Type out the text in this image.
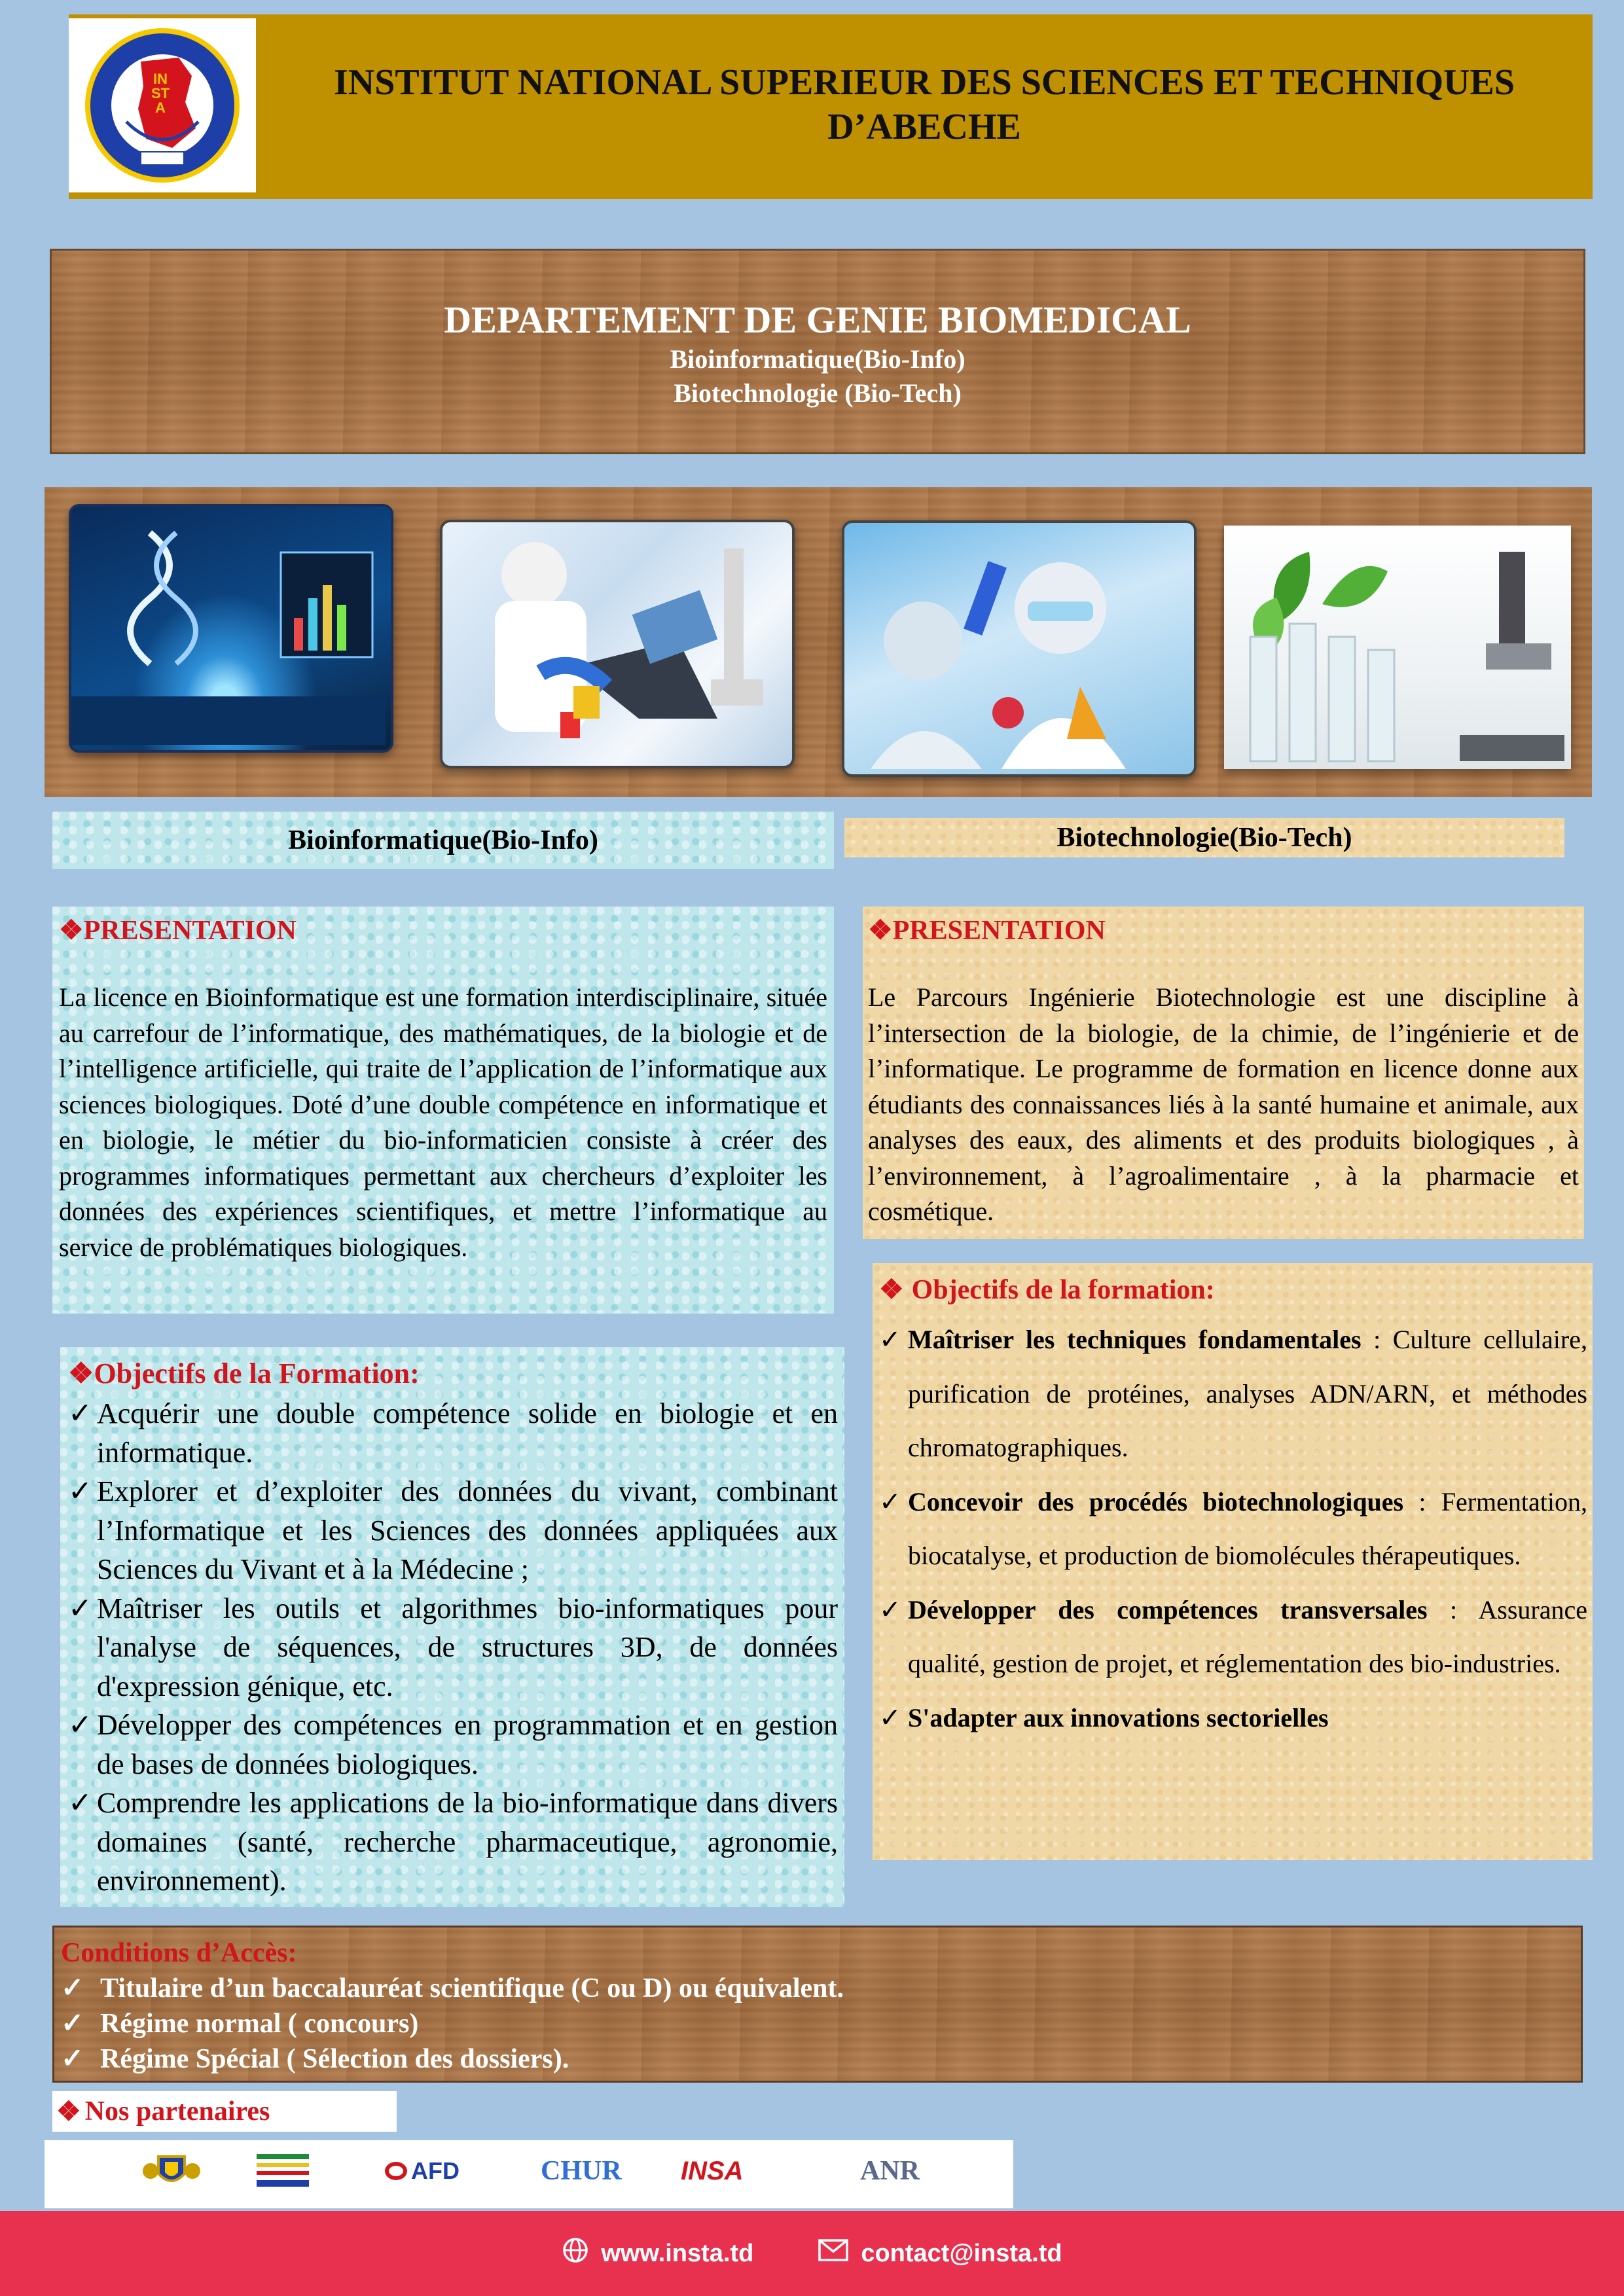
INSTA
INSTITUT NATIONAL SUPERIEUR DES SCIENCES ET TECHNIQUES
D’ABECHE
DEPARTEMENT DE GENIE BIOMEDICAL
Bioinformatique(Bio-Info)
Biotechnologie (Bio-Tech)
Bioinformatique(Bio-Info)	Biotechnologie(Bio-Tech)
❖PRESENTATION

La licence en Bioinformatique est une formation interdisciplinaire, située au carrefour de l’informatique, des mathématiques, de la biologie et de l’intelligence artificielle, qui traite de l’application de l’informatique aux sciences biologiques. Doté d’une double compétence en informatique et en biologie, le métier du bio-informaticien consiste à créer des programmes informatiques permettant aux chercheurs d’exploiter les données des expériences scientifiques, et mettre l’informatique au service de problématiques biologiques.

❖Objectifs de la Formation:
✓ Acquérir une double compétence solide en biologie et en informatique.

✓ Explorer et d’exploiter des données du vivant, combinant l’Informatique et les Sciences des données appliquées aux Sciences du Vivant et à la Médecine ;

✓ Maîtriser les outils et algorithmes bio-informatiques pour l'analyse de séquences, de structures 3D, de données d'expression génique, etc.

✓ Développer des compétences en programmation et en gestion de bases de données biologiques.

✓ Comprendre les applications de la bio-informatique dans divers domaines (santé, recherche pharmaceutique, agronomie, environnement).

❖PRESENTATION

Le Parcours Ingénierie Biotechnologie est une discipline à l’intersection de la biologie, de la chimie, de l’ingénierie et de l’informatique. Le programme de formation en licence donne aux étudiants des connaissances liés à la santé humaine et animale, aux analyses des eaux, des aliments et des produits biologiques , à l’environnement, à l’agroalimentaire , à la pharmacie et cosmétique.

❖ Objectifs de la formation:
✓ Maîtriser les techniques fondamentales : Culture cellulaire, purification de protéines, analyses ADN/ARN, et méthodes chromatographiques.

✓ Concevoir des procédés biotechnologiques : Fermentation, biocatalyse, et production de biomolécules thérapeutiques.

✓ Développer des compétences transversales : Assurance qualité, gestion de projet, et réglementation des bio-industries.

✓ S'adapter aux innovations sectorielles

Conditions d’Accès:
✓ Titulaire d’un baccalauréat scientifique (C ou D) ou équivalent.
✓ Régime normal ( concours)
✓ Régime Spécial ( Sélection des dossiers).
❖ Nos partenaires
AFD	CHUR INSA	ANR
www.insta.td	contact@insta.td
